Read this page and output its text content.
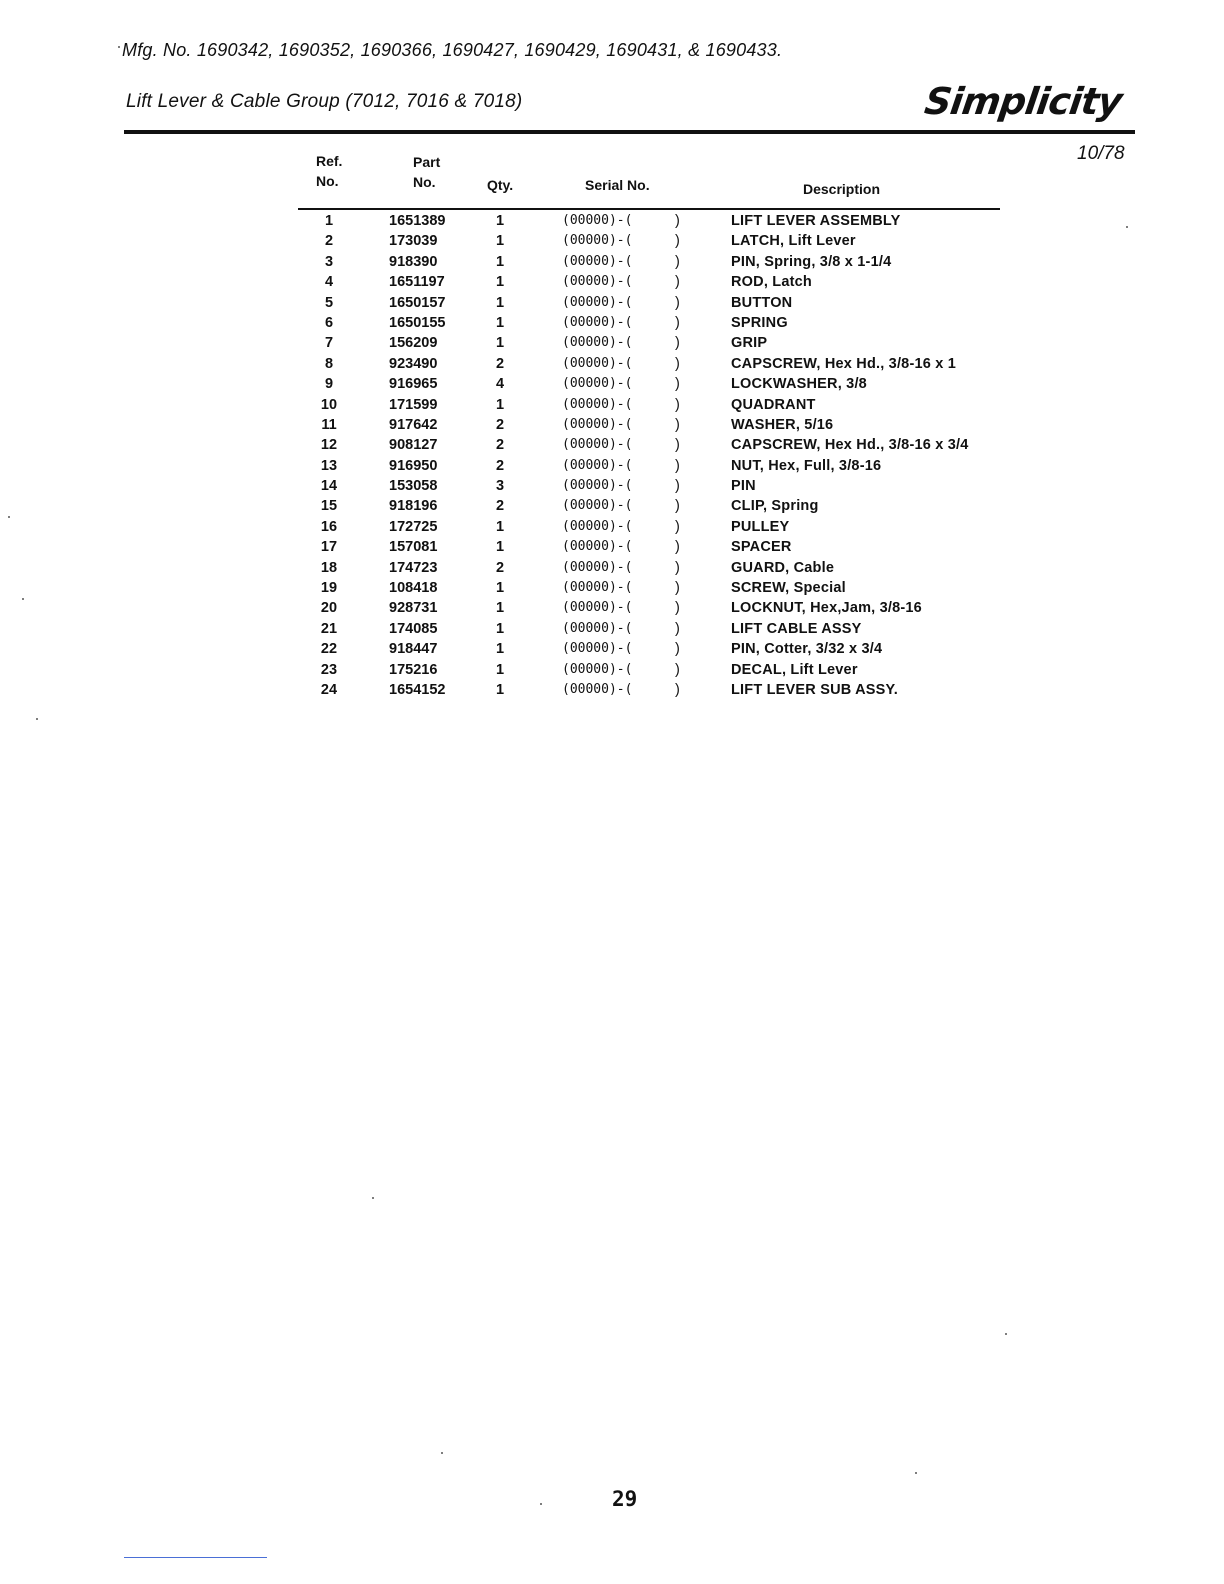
Mfg. No. 1690342, 1690352, 1690366, 1690427, 1690429, 1690431, & 1690433.
Lift Lever & Cable Group (7012, 7016 & 7018)	Simplicity
10/78
Ref.
No.
Part
No.	Qty.	Serial No.	Description
1	1651389	1	(00000)-(	)	LIFT LEVER ASSEMBLY
2	173039	1	(00000)-(	)	LATCH, Lift Lever
3	918390	1	(00000)-(	)	PIN, Spring, 3/8 x 1-1/4
4	1651197	1	(00000)-(	)	ROD, Latch
5	1650157	1	(00000)-(	)	BUTTON
6	1650155	1	(00000)-(	)	SPRING
7	156209	1	(00000)-(	)	GRIP
8	923490	2	(00000)-(	)	CAPSCREW, Hex Hd., 3/8-16 x 1
9	916965	4	(00000)-(	)	LOCKWASHER, 3/8
10	171599	1	(00000)-(	)	QUADRANT
11	917642	2	(00000)-(	)	WASHER, 5/16
12	908127	2	(00000)-(	)	CAPSCREW, Hex Hd., 3/8-16 x 3/4
13	916950	2	(00000)-(	)	NUT, Hex, Full, 3/8-16
14	153058	3	(00000)-(	)	PIN
15	918196	2	(00000)-(	)	CLIP, Spring
16	172725	1	(00000)-(	)	PULLEY
17	157081	1	(00000)-(	)	SPACER
18	174723	2	(00000)-(	)	GUARD, Cable
19	108418	1	(00000)-(	)	SCREW, Special
20	928731	1	(00000)-(	)	LOCKNUT, Hex,Jam, 3/8-16
21	174085	1	(00000)-(	)	LIFT CABLE ASSY
22	918447	1	(00000)-(	)	PIN, Cotter, 3/32 x 3/4
23	175216	1	(00000)-(	)	DECAL, Lift Lever
24	1654152	1	(00000)-(	)	LIFT LEVER SUB ASSY.
29
